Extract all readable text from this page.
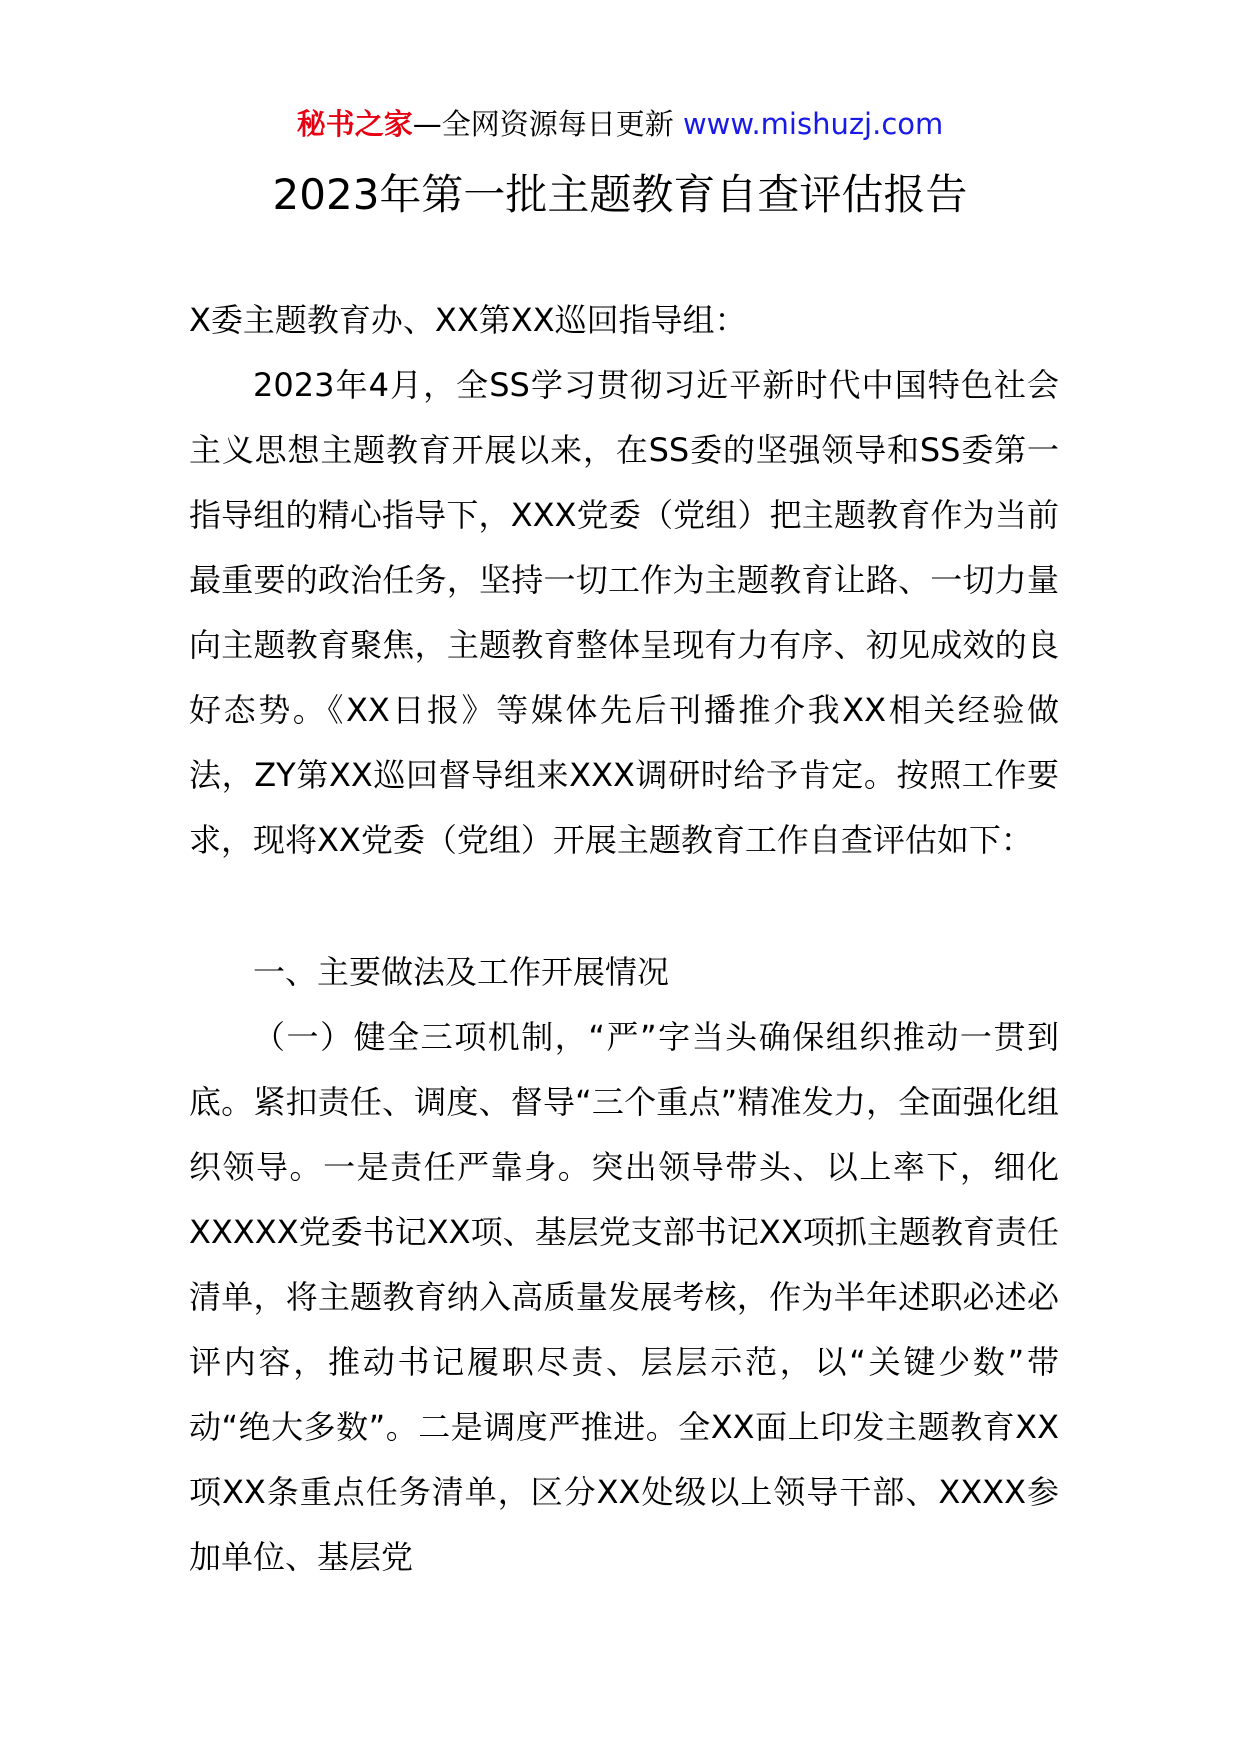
秘书之家—全网资源每日更新 www.mishuzj.com
2023年第一批主题教育自查评估报告
X委主题教育办、XX第XX巡回指导组：

2023年4月，全SS学习贯彻习近平新时代中国特色社会主义思想主题教育开展以来，在SS委的坚强领导和SS委第一指导组的精心指导下，XXX党委（党组）把主题教育作为当前最重要的政治任务，坚持一切工作为主题教育让路、一切力量向主题教育聚焦，主题教育整体呈现有力有序、初见成效的良好态势。《XX日报》等媒体先后刊播推介我XX相关经验做法，ZY第XX巡回督导组来XXX调研时给予肯定。按照工作要求，现将XX党委（党组）开展主题教育工作自查评估如下：

一、主要做法及工作开展情况

（一）健全三项机制，“严”字当头确保组织推动一贯到底。紧扣责任、调度、督导“三个重点”精准发力，全面强化组织领导。一是责任严靠身。突出领导带头、以上率下，细化XXXXX党委书记XX项、基层党支部书记XX项抓主题教育责任清单，将主题教育纳入高质量发展考核，作为半年述职必述必评内容，推动书记履职尽责、层层示范，以“关键少数”带动“绝大多数”。二是调度严推进。全XX面上印发主题教育XX项XX条重点任务清单，区分XX处级以上领导干部、XXXX参加单位、基层党
